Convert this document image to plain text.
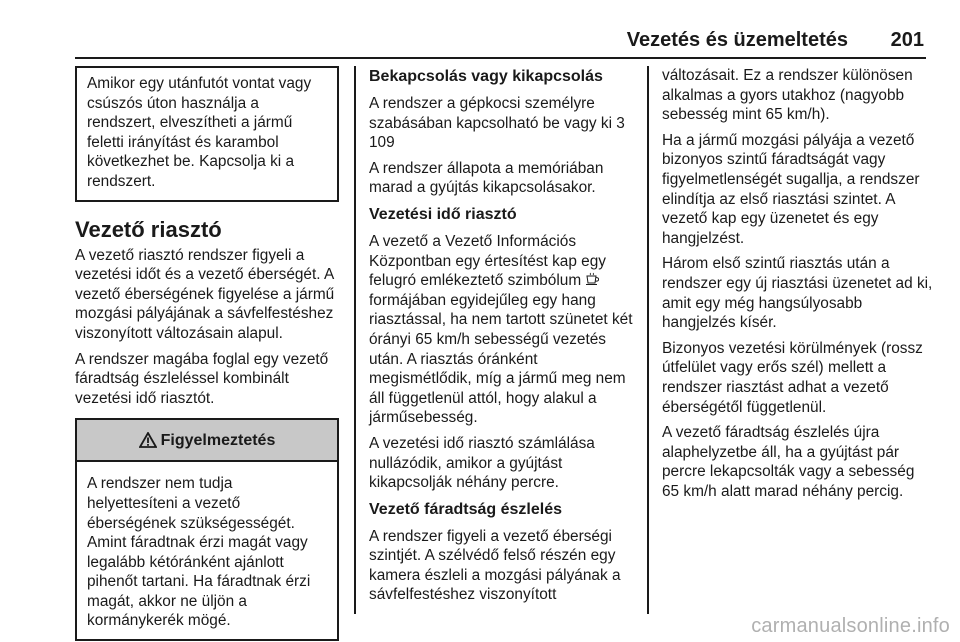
Vezetés és üzemeltetés 201

Amikor egy utánfutót vontat vagy csúszós úton használja a rendszert, elveszítheti a jármű feletti irányítást és karambol következhet be. Kapcsolja ki a rendszert.

Vezető riasztó

A vezető riasztó rendszer figyeli a vezetési időt és a vezető éberségét. A vezető éberségének figyelése a jármű mozgási pályájának a sávfelfestéshez viszonyított változásain alapul.

A rendszer magába foglal egy vezető fáradtság észleléssel kombinált vezetési idő riasztót.

Figyelmeztetés

A rendszer nem tudja helyettesíteni a vezető éberségének szükségességét. Amint fáradtnak érzi magát vagy legalább kétóránként ajánlott pihenőt tartani. Ha fáradtnak érzi magát, akkor ne üljön a kormánykerék mögé.

Bekapcsolás vagy kikapcsolás

A rendszer a gépkocsi személyre szabásában kapcsolható be vagy ki 3 109

A rendszer állapota a memóriában marad a gyújtás kikapcsolásakor.

Vezetési idő riasztó

A vezető a Vezető Információs Központban egy értesítést kap egy felugró emlékeztető szimbólum  formájában egyidejűleg egy hang riasztással, ha nem tartott szünetet két órányi 65 km/h sebességű vezetés után. A riasztás óránként megismétlődik, míg a jármű meg nem áll függetlenül attól, hogy alakul a járműsebesség.

A vezetési idő riasztó számlálása nullázódik, amikor a gyújtást kikapcsolják néhány percre.

Vezető fáradtság észlelés

A rendszer figyeli a vezető éberségi szintjét. A szélvédő felső részén egy kamera észleli a mozgási pályának a sávfelfestéshez viszonyított

változásait. Ez a rendszer különösen alkalmas a gyors utakhoz (nagyobb sebesség mint 65 km/h).

Ha a jármű mozgási pályája a vezető bizonyos szintű fáradtságát vagy figyelmetlenségét sugallja, a rendszer elindítja az első riasztási szintet. A vezető kap egy üzenetet és egy hangjelzést.

Három első szintű riasztás után a rendszer egy új riasztási üzenetet ad ki, amit egy még hangsúlyosabb hangjelzés kísér.

Bizonyos vezetési körülmények (rossz útfelület vagy erős szél) mellett a rendszer riasztást adhat a vezető éberségétől függetlenül.

A vezető fáradtság észlelés újra alaphelyzetbe áll, ha a gyújtást pár percre lekapcsolták vagy a sebesség 65 km/h alatt marad néhány percig.

carmanualsonline.info
